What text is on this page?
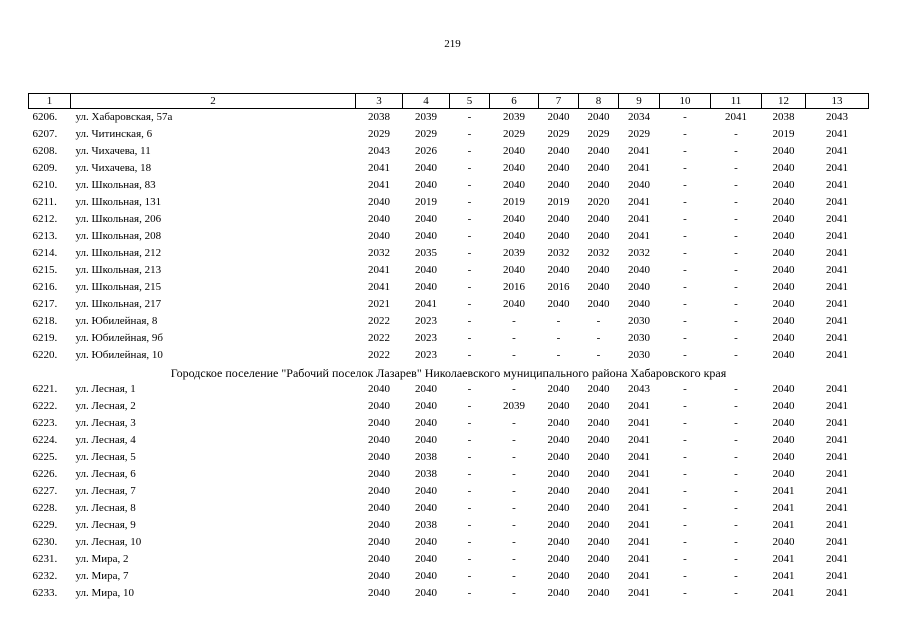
219
1	2	3	4	5	6	7	8	9	10	11	12	13
6206.	ул. Хабаровская, 57а	2038	2039	-	2039	2040	2040	2034	-	2041	2038	2043
6207.	ул. Читинская, 6	2029	2029	-	2029	2029	2029	2029	-	-	2019	2041
6208.	ул. Чихачева, 11	2043	2026	-	2040	2040	2040	2041	-	-	2040	2041
6209.	ул. Чихачева, 18	2041	2040	-	2040	2040	2040	2041	-	-	2040	2041
6210.	ул. Школьная, 83	2041	2040	-	2040	2040	2040	2040	-	-	2040	2041
6211.	ул. Школьная, 131	2040	2019	-	2019	2019	2020	2041	-	-	2040	2041
6212.	ул. Школьная, 206	2040	2040	-	2040	2040	2040	2041	-	-	2040	2041
6213.	ул. Школьная, 208	2040	2040	-	2040	2040	2040	2041	-	-	2040	2041
6214.	ул. Школьная, 212	2032	2035	-	2039	2032	2032	2032	-	-	2040	2041
6215.	ул. Школьная, 213	2041	2040	-	2040	2040	2040	2040	-	-	2040	2041
6216.	ул. Школьная, 215	2041	2040	-	2016	2016	2040	2040	-	-	2040	2041
6217.	ул. Школьная, 217	2021	2041	-	2040	2040	2040	2040	-	-	2040	2041
6218.	ул. Юбилейная, 8	2022	2023	-	-	-	-	2030	-	-	2040	2041
6219.	ул. Юбилейная, 9б	2022	2023	-	-	-	-	2030	-	-	2040	2041
6220.	ул. Юбилейная, 10	2022	2023	-	-	-	-	2030	-	-	2040	2041
Городское поселение "Рабочий поселок Лазарев" Николаевского муниципального района Хабаровского края												
6221.	ул. Лесная, 1	2040	2040	-	-	2040	2040	2043	-	-	2040	2041
6222.	ул. Лесная, 2	2040	2040	-	2039	2040	2040	2041	-	-	2040	2041
6223.	ул. Лесная, 3	2040	2040	-	-	2040	2040	2041	-	-	2040	2041
6224.	ул. Лесная, 4	2040	2040	-	-	2040	2040	2041	-	-	2040	2041
6225.	ул. Лесная, 5	2040	2038	-	-	2040	2040	2041	-	-	2040	2041
6226.	ул. Лесная, 6	2040	2038	-	-	2040	2040	2041	-	-	2040	2041
6227.	ул. Лесная, 7	2040	2040	-	-	2040	2040	2041	-	-	2041	2041
6228.	ул. Лесная, 8	2040	2040	-	-	2040	2040	2041	-	-	2041	2041
6229.	ул. Лесная, 9	2040	2038	-	-	2040	2040	2041	-	-	2041	2041
6230.	ул. Лесная, 10	2040	2040	-	-	2040	2040	2041	-	-	2040	2041
6231.	ул. Мира, 2	2040	2040	-	-	2040	2040	2041	-	-	2041	2041
6232.	ул. Мира, 7	2040	2040	-	-	2040	2040	2041	-	-	2041	2041
6233.	ул. Мира, 10	2040	2040	-	-	2040	2040	2041	-	-	2041	2041
